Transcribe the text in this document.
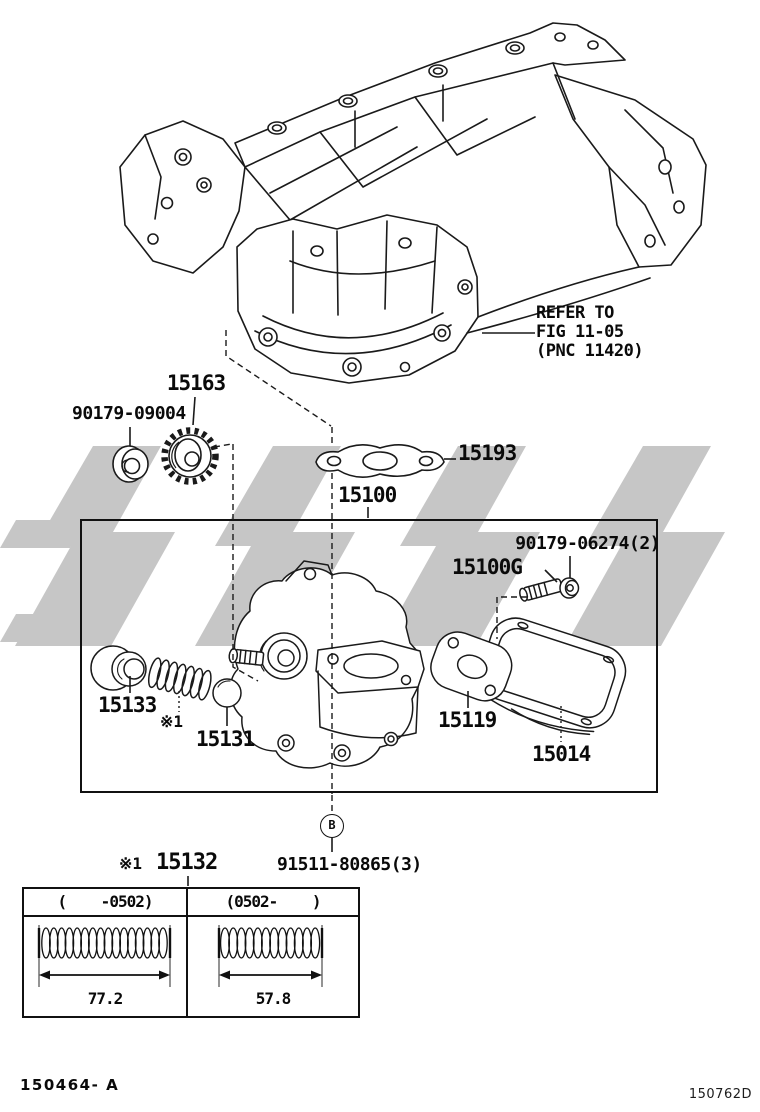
REFER TO
FIG 11-05
(PNC 11420)
15163
90179-09004
15193
15100
90179-06274(2)
15100G
15133
※1
15131
15119
15014
B
※1 15132	91511-80865(3)
(    -0502)	(0502-    )
77.2	57.8
150464- A
150762D
